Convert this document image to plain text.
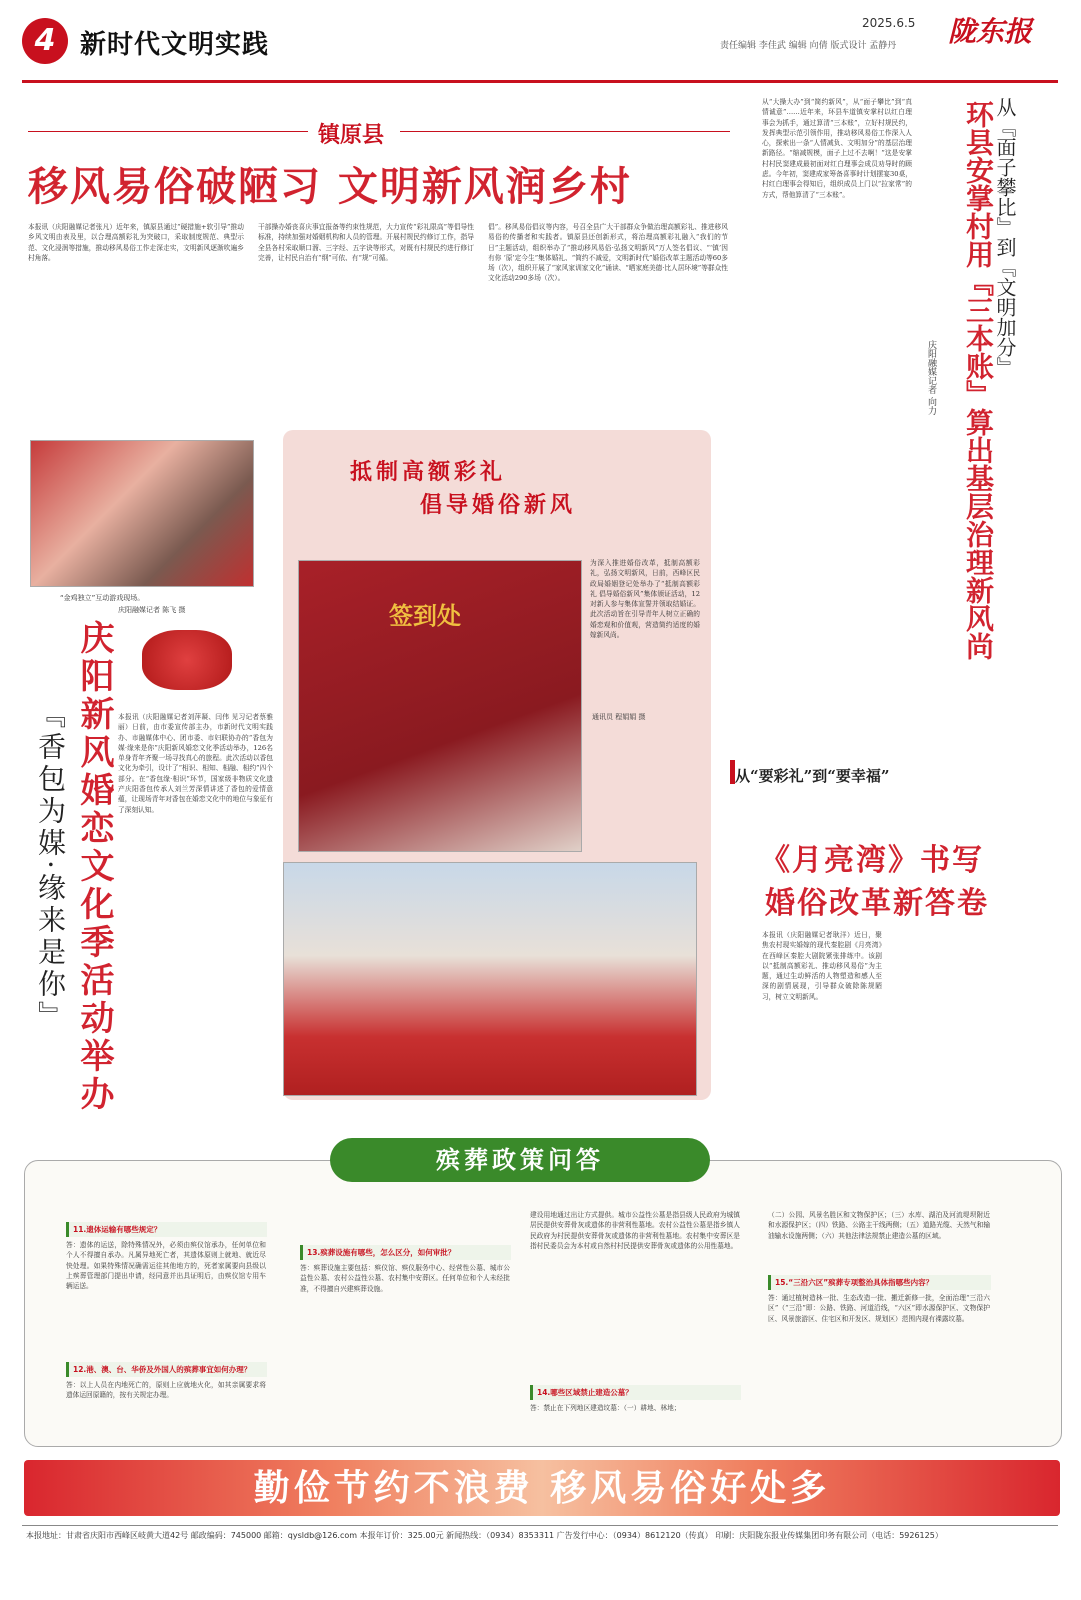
4 新时代文明实践
2025.6.5
责任编辑 李佳武 编辑 向倩 版式设计 孟静丹 陇东报
镇原县
移风易俗破陋习 文明新风润乡村
本报讯（庆阳融媒记者张凡）近年来，镇原县通过“硬措施+软引导”推动乡风文明由表及里，以合理高额彩礼为突破口，采取制度规范、典型示范、文化浸润等措施，推动移风易俗工作走深走实，文明新风逐渐吹遍乡村角落。
干部操办婚丧喜庆事宜报备等约束性规范，大力宣传“彩礼限高”等倡导性标准，持续加强对婚姻机构和人员的管理。开展村规民约修订工作，指导全县各村采取顺口溜、三字经、五字诀等形式，对既有村规民约进行修订完善，让村民自治有“纲”可依、有“规”可循。
倡”。移风易俗倡议等内容，号召全县广大干部群众争做治理高额彩礼、推进移风易俗的传播者和实践者。镇原县还创新形式，将治理高额彩礼融入“我们的节日”主题活动，组织举办了“推动移风易俗·弘扬文明新风”万人签名倡议、“‘镇’因有你 ‘原’定今生”集体婚礼、“简约不减爱，文明新时代”婚俗改革主题活动等60多场（次），组织开展了“家风家训家文化”诵读、“晒家庭美德·比人居环境”等群众性文化活动290多场（次）。	从『面子攀比』到『文明加分』
环县安掌村用『三本账』算出基层治理新风尚
庆阳融媒记者 向力
从“大操大办”到“简约新风”，从“面子攀比”到“真情诚意”……近年来，环县车道镇安掌村以红白理事会为抓手，通过算清“三本账”，立好村规民约，发挥典型示范引领作用，推动移风易俗工作深入人心，探索出一条“人情减负、文明加分”的基层治理新路径。“缩减规模，面子上过不去啊！”这是安掌村村民窦建成最初面对红白理事会成员劝导时的顾虑。今年初，窦建成家筹备喜事时计划摆宴30桌，村红白理事会得知后，组织成员上门以“拉家常”的方式，帮他算清了“三本账”。
“金鸡独立”互动游戏现场。
庆阳融媒记者 陈飞 摄
庆阳新风婚恋文化季活动举办
『香包为媒·缘来是你』	本报讯（庆阳融媒记者刘萍凝、闫伟 见习记者蔡雅丽）日前，由市委宣传部主办，市新时代文明实践办、市融媒体中心、团市委、市妇联协办的“香包为媒·缘来是你”庆阳新风婚恋文化季活动举办，126名单身青年齐聚一场寻找真心的旅程。此次活动以香包文化为牵引，设计了“相识、相知、相融、相约”四个部分。在“香包缘·相识”环节，国家级非物质文化遗产庆阳香包传承人刘兰芳深情讲述了香包的爱情意蕴，让现场青年对香包在婚恋文化中的地位与象征有了深刻认知。
抵制高额彩礼
倡导婚俗新风
签到处
为深入推进婚俗改革，抵制高额彩礼，弘扬文明新风，日前，西峰区民政局婚姻登记处举办了“抵制高额彩礼 倡导婚俗新风”集体颁证活动，12对新人参与集体宣誓并领取结婚证。此次活动旨在引导青年人树立正确的婚恋观和价值观，营造简约适度的婚嫁新风尚。
通讯员 程娟娟 摄
从“要彩礼”到“要幸福”
《月亮湾》书写
婚俗改革新答卷
本报讯（庆阳融媒记者耿洋）近日，聚焦农村现实婚嫁的现代秦腔剧《月亮湾》在西峰区秦腔大剧院紧张排练中。该剧以“抵制高额彩礼、推动移风易俗”为主题，通过生动鲜活的人物塑造和感人至深的剧情展现，引导群众破除陈规陋习，树立文明新风。
殡葬政策问答
11.遗体运输有哪些规定？
答：遗体的运送，除特殊情况外，必须由殡仪馆承办，任何单位和个人不得擅自承办。凡属异地死亡者，其遗体原则上就地、就近尽快处理。如果特殊情况确需运往其他地方的，死者家属要向县级以上殡葬管理部门提出申请，经同意并出具证明后，由殡仪馆专用车辆运送。
12.港、澳、台、华侨及外国人的殡葬事宜如何办理？
答：以上人员在内地死亡的，原则上应就地火化，如其亲属要求将遗体运回原籍的，按有关规定办理。
13.殡葬设施有哪些，怎么区分，如何审批？
答：殡葬设施主要包括：殡仪馆、殡仪服务中心、经营性公墓、城市公益性公墓、农村公益性公墓、农村集中安葬区。任何单位和个人未经批准，不得擅自兴建殡葬设施。
建设用地通过出让方式提供。城市公益性公墓是指县级人民政府为城镇居民提供安葬骨灰或遗体的非营利性墓地。农村公益性公墓是指乡镇人民政府为村民提供安葬骨灰或遗体的非营利性墓地。农村集中安葬区是指村民委员会为本村或自然村村民提供安葬骨灰或遗体的公用性墓地。
14.哪些区域禁止建造公墓？
答：禁止在下列地区建造坟墓：（一）耕地、林地；
（二）公园、风景名胜区和文物保护区；（三）水库、湖泊及河流堤坝附近和水源保护区；（四）铁路、公路主干线两侧；（五）道路光缆、天然气和输油输水设施两侧；（六）其他法律法规禁止建造公墓的区域。
15.“三沿六区”殡葬专项整治具体指哪些内容？
答：通过植树造林一批、生态改造一批、搬迁新修一批，全面治理“三沿六区”（“三沿”即：公路、铁路、河道沿线，“六区”即水源保护区、文物保护区、风景旅游区、住宅区和开发区、规划区）范围内现有裸露坟墓。
勤俭节约不浪费 移风易俗好处多
本报地址：甘肃省庆阳市西峰区岐黄大道42号 邮政编码：745000 邮箱：qysldb@126.com 本报年订价：325.00元 新闻热线：（0934）8353311 广告发行中心：（0934）8612120（传真） 印刷：庆阳陇东报业传媒集团印务有限公司（电话：5926125）
